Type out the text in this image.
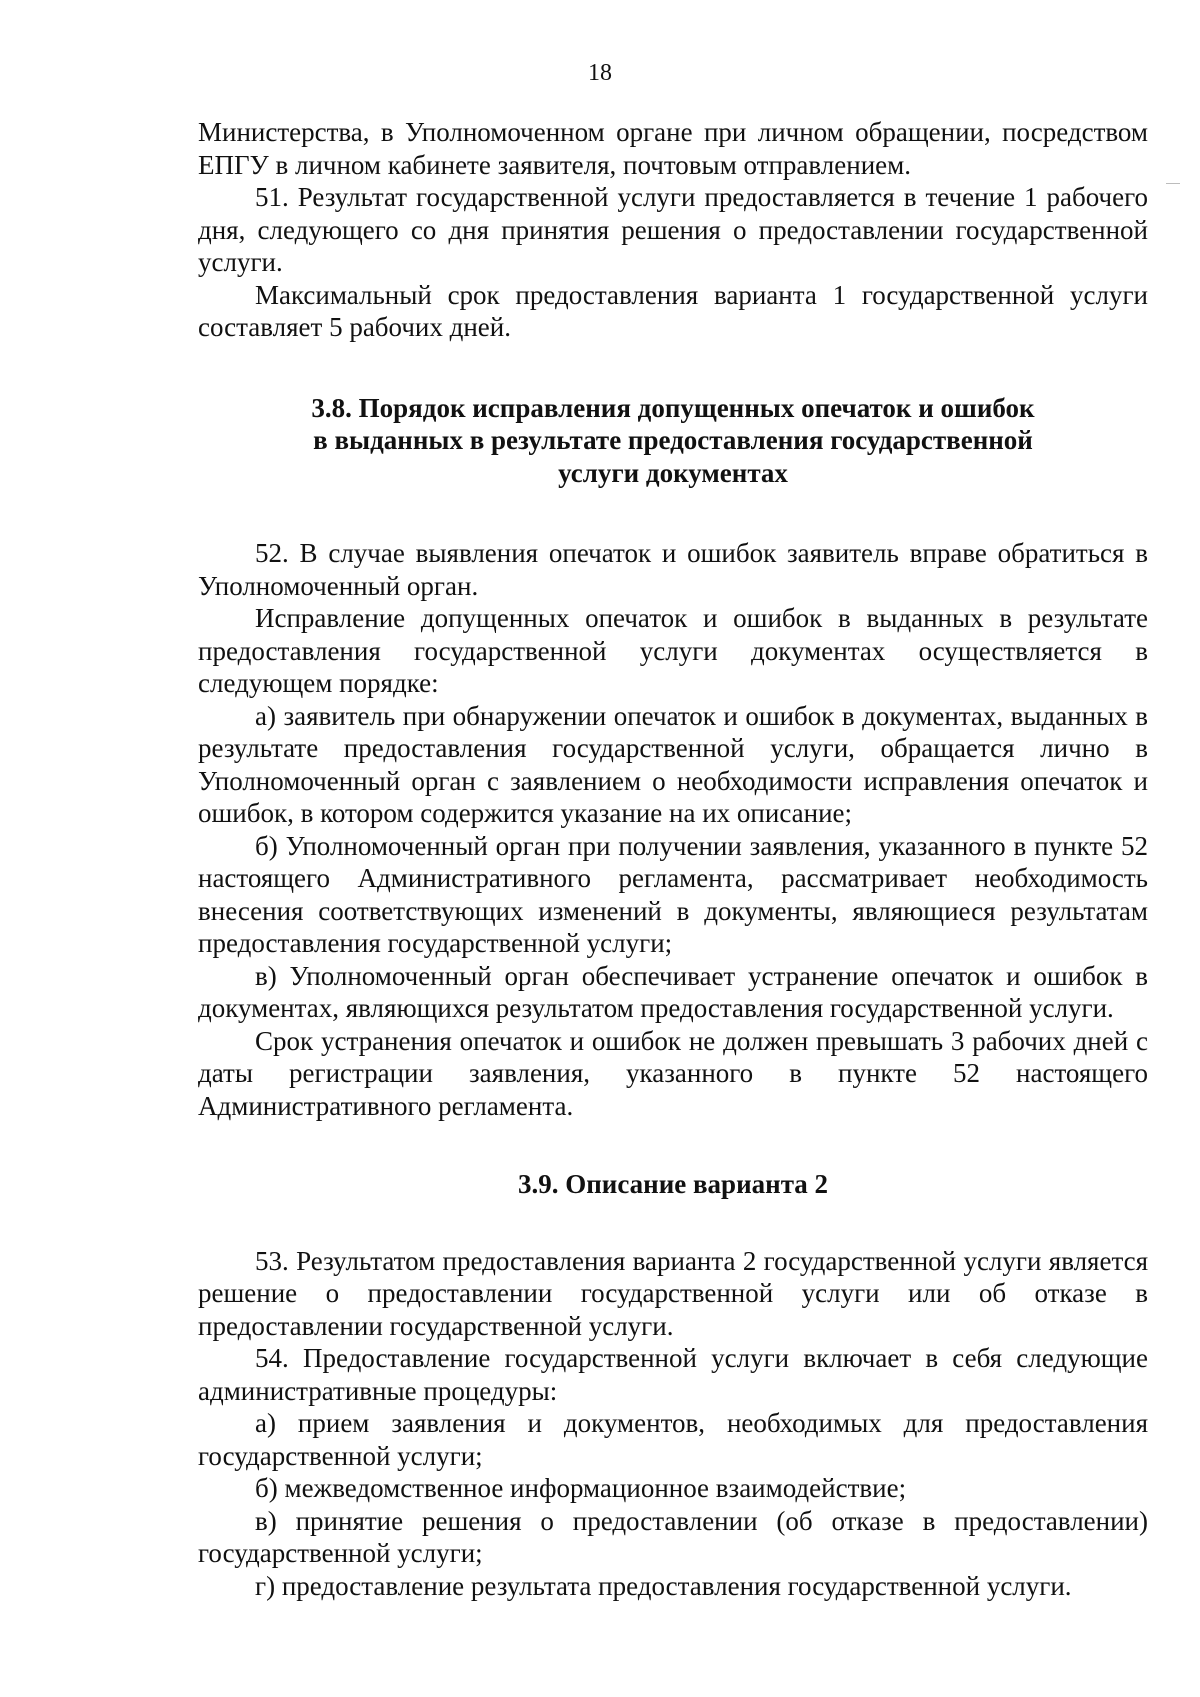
18

Министерства, в Уполномоченном органе при личном обращении, посредством ЕПГУ в личном кабинете заявителя, почтовым отправлением.

51. Результат государственной услуги предоставляется в течение 1 рабочего дня, следующего со дня принятия решения о предоставлении государственной услуги.

Максимальный срок предоставления варианта 1 государственной услуги составляет 5 рабочих дней.

3.8. Порядок исправления допущенных опечаток и ошибок
в выданных в результате предоставления государственной
услуги документах

52. В случае выявления опечаток и ошибок заявитель вправе обратиться в Уполномоченный орган.

Исправление допущенных опечаток и ошибок в выданных в результате предоставления государственной услуги документах осуществляется в следующем порядке:

а) заявитель при обнаружении опечаток и ошибок в документах, выданных в результате предоставления государственной услуги, обращается лично в Уполномоченный орган с заявлением о необходимости исправления опечаток и ошибок, в котором содержится указание на их описание;

б) Уполномоченный орган при получении заявления, указанного в пункте 52 настоящего Административного регламента, рассматривает необходимость внесения соответствующих изменений в документы, являющиеся результатам предоставления государственной услуги;

в) Уполномоченный орган обеспечивает устранение опечаток и ошибок в документах, являющихся результатом предоставления государственной услуги.

Срок устранения опечаток и ошибок не должен превышать 3 рабочих дней с даты регистрации заявления, указанного в пункте 52 настоящего Административного регламента.

3.9. Описание варианта 2

53. Результатом предоставления варианта 2 государственной услуги является решение о предоставлении государственной услуги или об отказе в предоставлении государственной услуги.

54. Предоставление государственной услуги включает в себя следующие административные процедуры:

а) прием заявления и документов, необходимых для предоставления государственной услуги;

б) межведомственное информационное взаимодействие;

в) принятие решения о предоставлении (об отказе в предоставлении) государственной услуги;

г) предоставление результата предоставления государственной услуги.
